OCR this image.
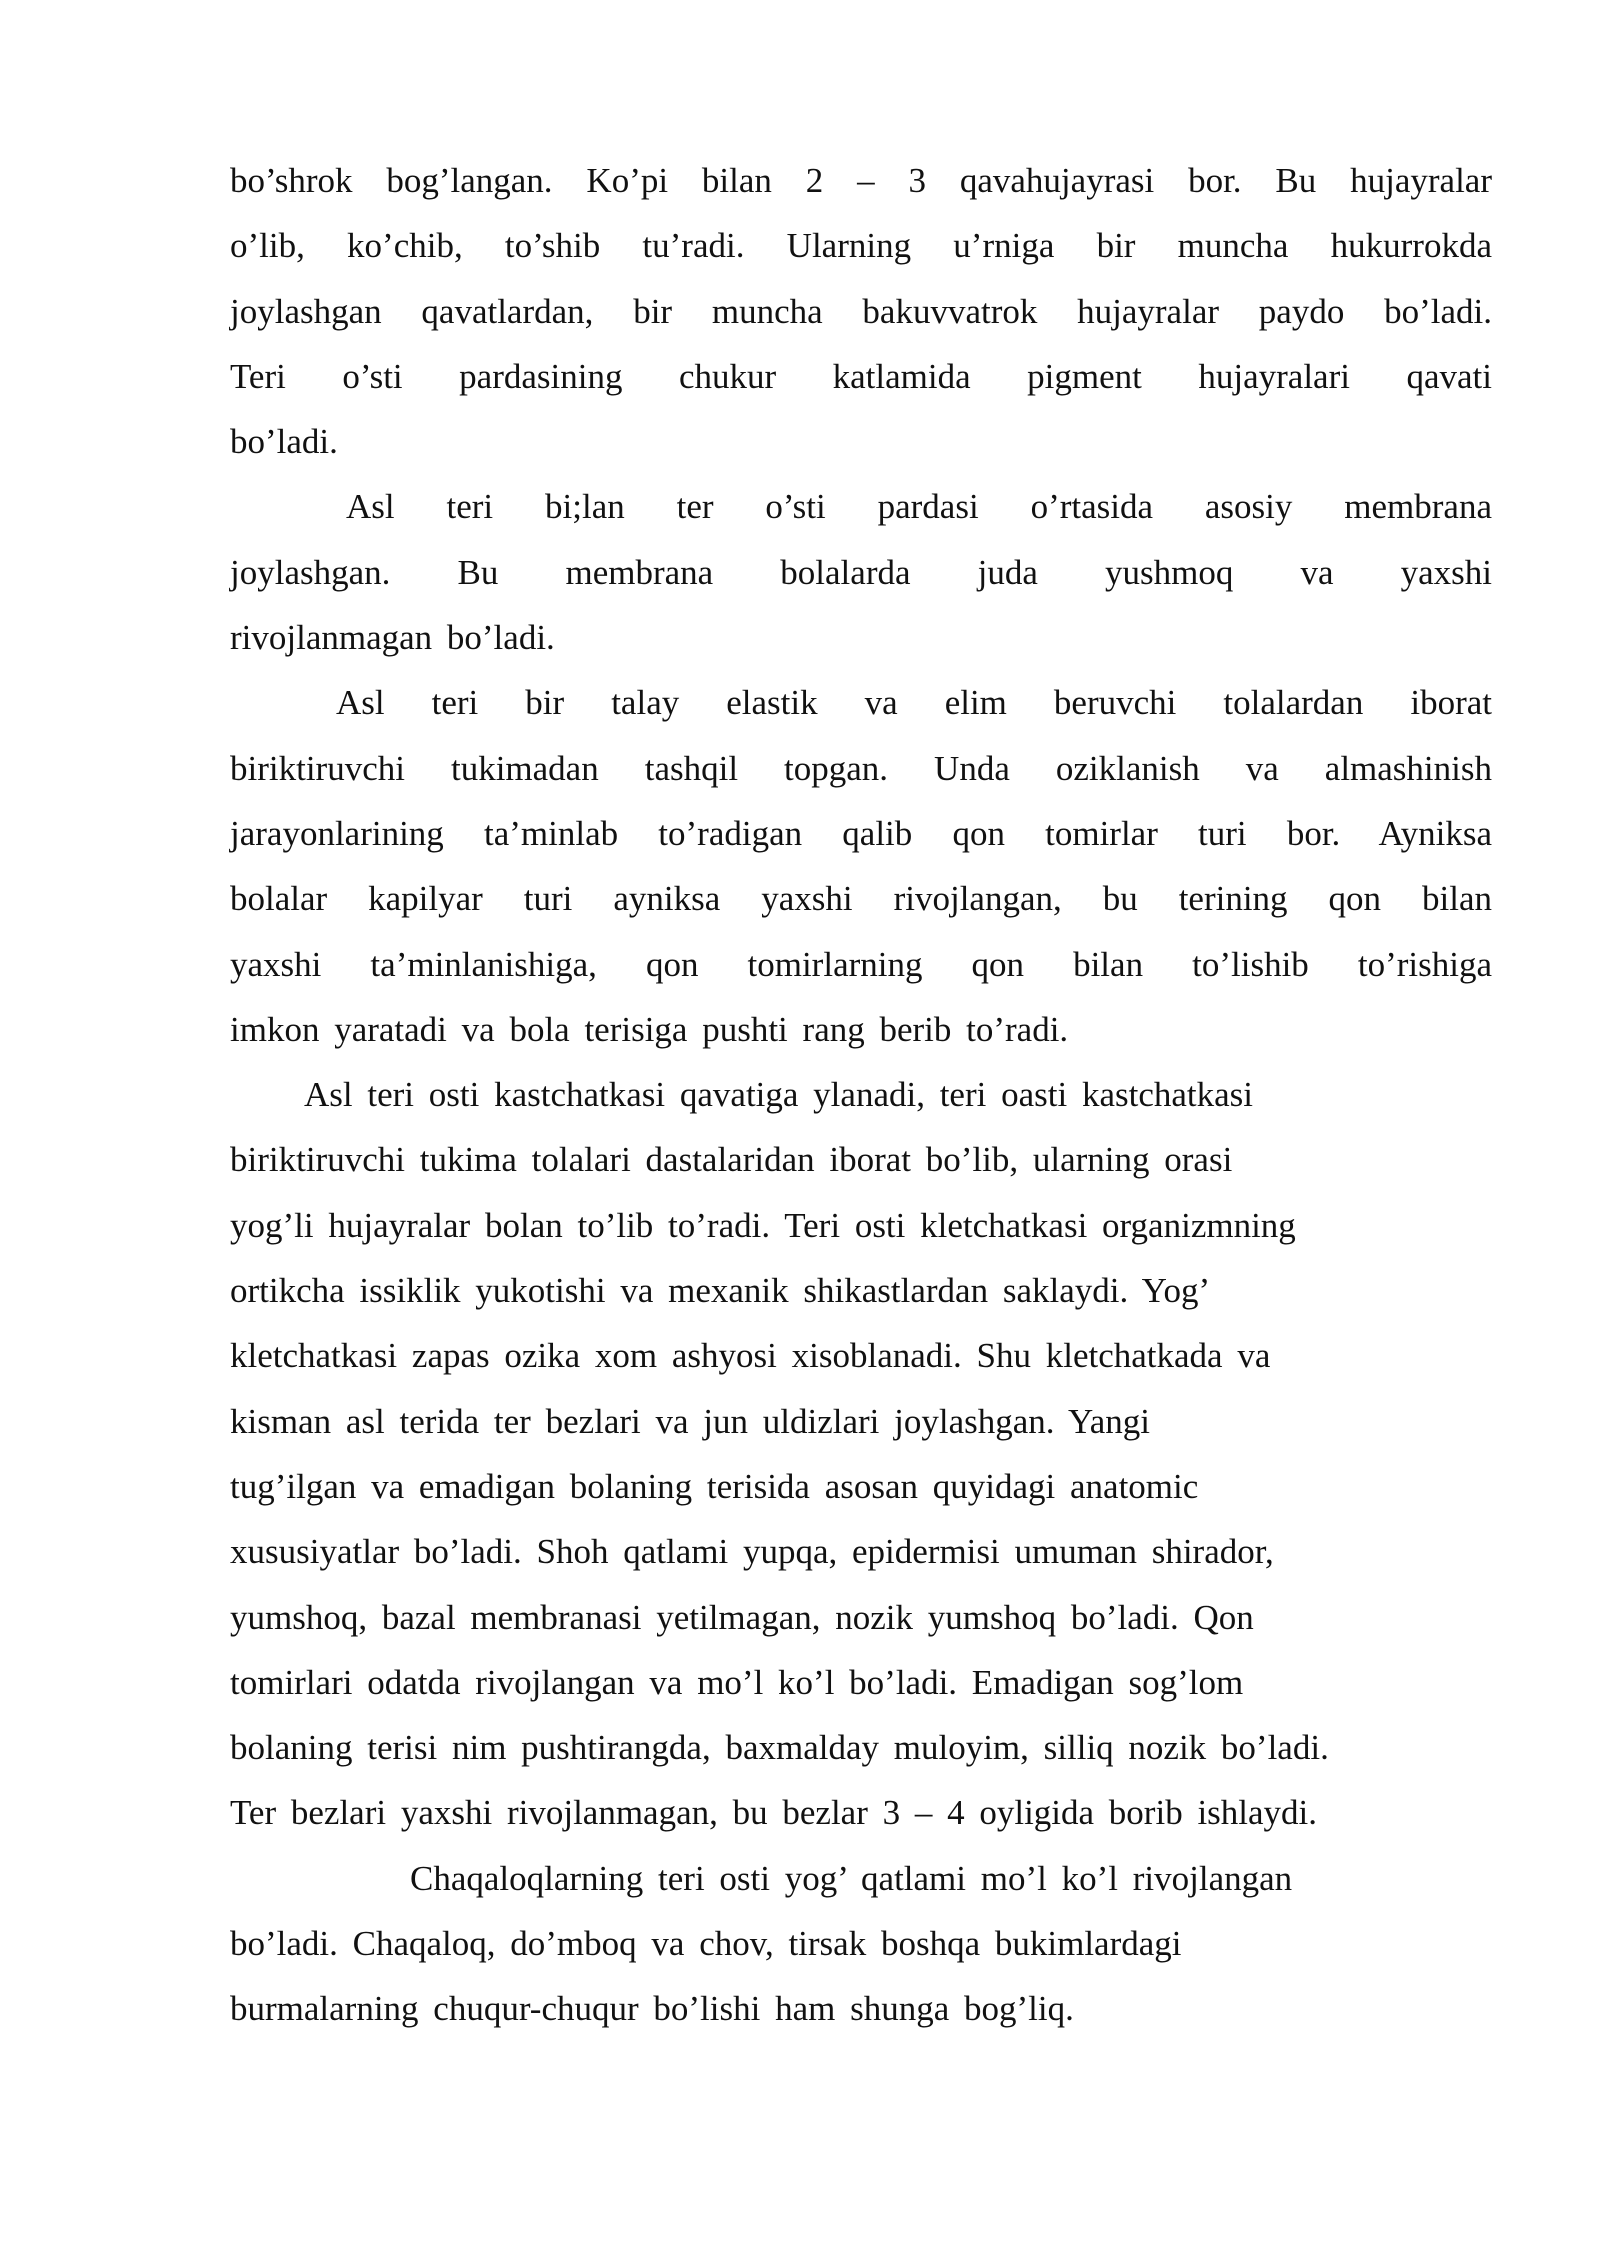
bo’shrok bog’langan. Ko’pi bilan 2 – 3 qavahujayrasi bor. Bu hujayralar
o’lib, ko’chib, to’shib tu’radi. Ularning u’rniga bir muncha hukurrokda
joylashgan qavatlardan, bir muncha bakuvvatrok hujayralar paydo bo’ladi.
Teri o’sti pardasining chukur katlamida pigment hujayralari qavati
bo’ladi.
Asl teri bi;lan ter o’sti pardasi o’rtasida asosiy membrana
joylashgan. Bu membrana bolalarda juda yushmoq va yaxshi
rivojlanmagan bo’ladi.
Asl teri bir talay elastik va elim beruvchi tolalardan iborat
biriktiruvchi tukimadan tashqil topgan. Unda oziklanish va almashinish
jarayonlarining ta’minlab to’radigan qalib qon tomirlar turi bor. Ayniksa
bolalar kapilyar turi ayniksa yaxshi rivojlangan, bu terining qon bilan
yaxshi ta’minlanishiga, qon tomirlarning qon bilan to’lishib to’rishiga
imkon yaratadi va bola terisiga pushti rang berib to’radi.
Asl teri osti kastchatkasi qavatiga ylanadi, teri oasti kastchatkasi
biriktiruvchi tukima tolalari dastalaridan iborat bo’lib, ularning orasi
yog’li hujayralar bolan to’lib to’radi. Teri osti kletchatkasi organizmning
ortikcha issiklik yukotishi va mexanik shikastlardan saklaydi. Yog’
kletchatkasi zapas ozika xom ashyosi xisoblanadi. Shu kletchatkada va
kisman asl terida ter bezlari va jun uldizlari joylashgan. Yangi
tug’ilgan va emadigan bolaning terisida asosan quyidagi anatomic
xususiyatlar bo’ladi. Shoh qatlami yupqa, epidermisi umuman shirador,
yumshoq, bazal membranasi yetilmagan, nozik yumshoq bo’ladi. Qon
tomirlari odatda rivojlangan va mo’l ko’l bo’ladi. Emadigan sog’lom
bolaning terisi nim pushtirangda, baxmalday muloyim, silliq nozik bo’ladi.
Ter bezlari yaxshi rivojlanmagan, bu bezlar 3 – 4 oyligida borib ishlaydi.
Chaqaloqlarning teri osti yog’ qatlami mo’l ko’l rivojlangan
bo’ladi. Chaqaloq, do’mboq va chov, tirsak boshqa bukimlardagi
burmalarning chuqur-chuqur bo’lishi ham shunga bog’liq.
